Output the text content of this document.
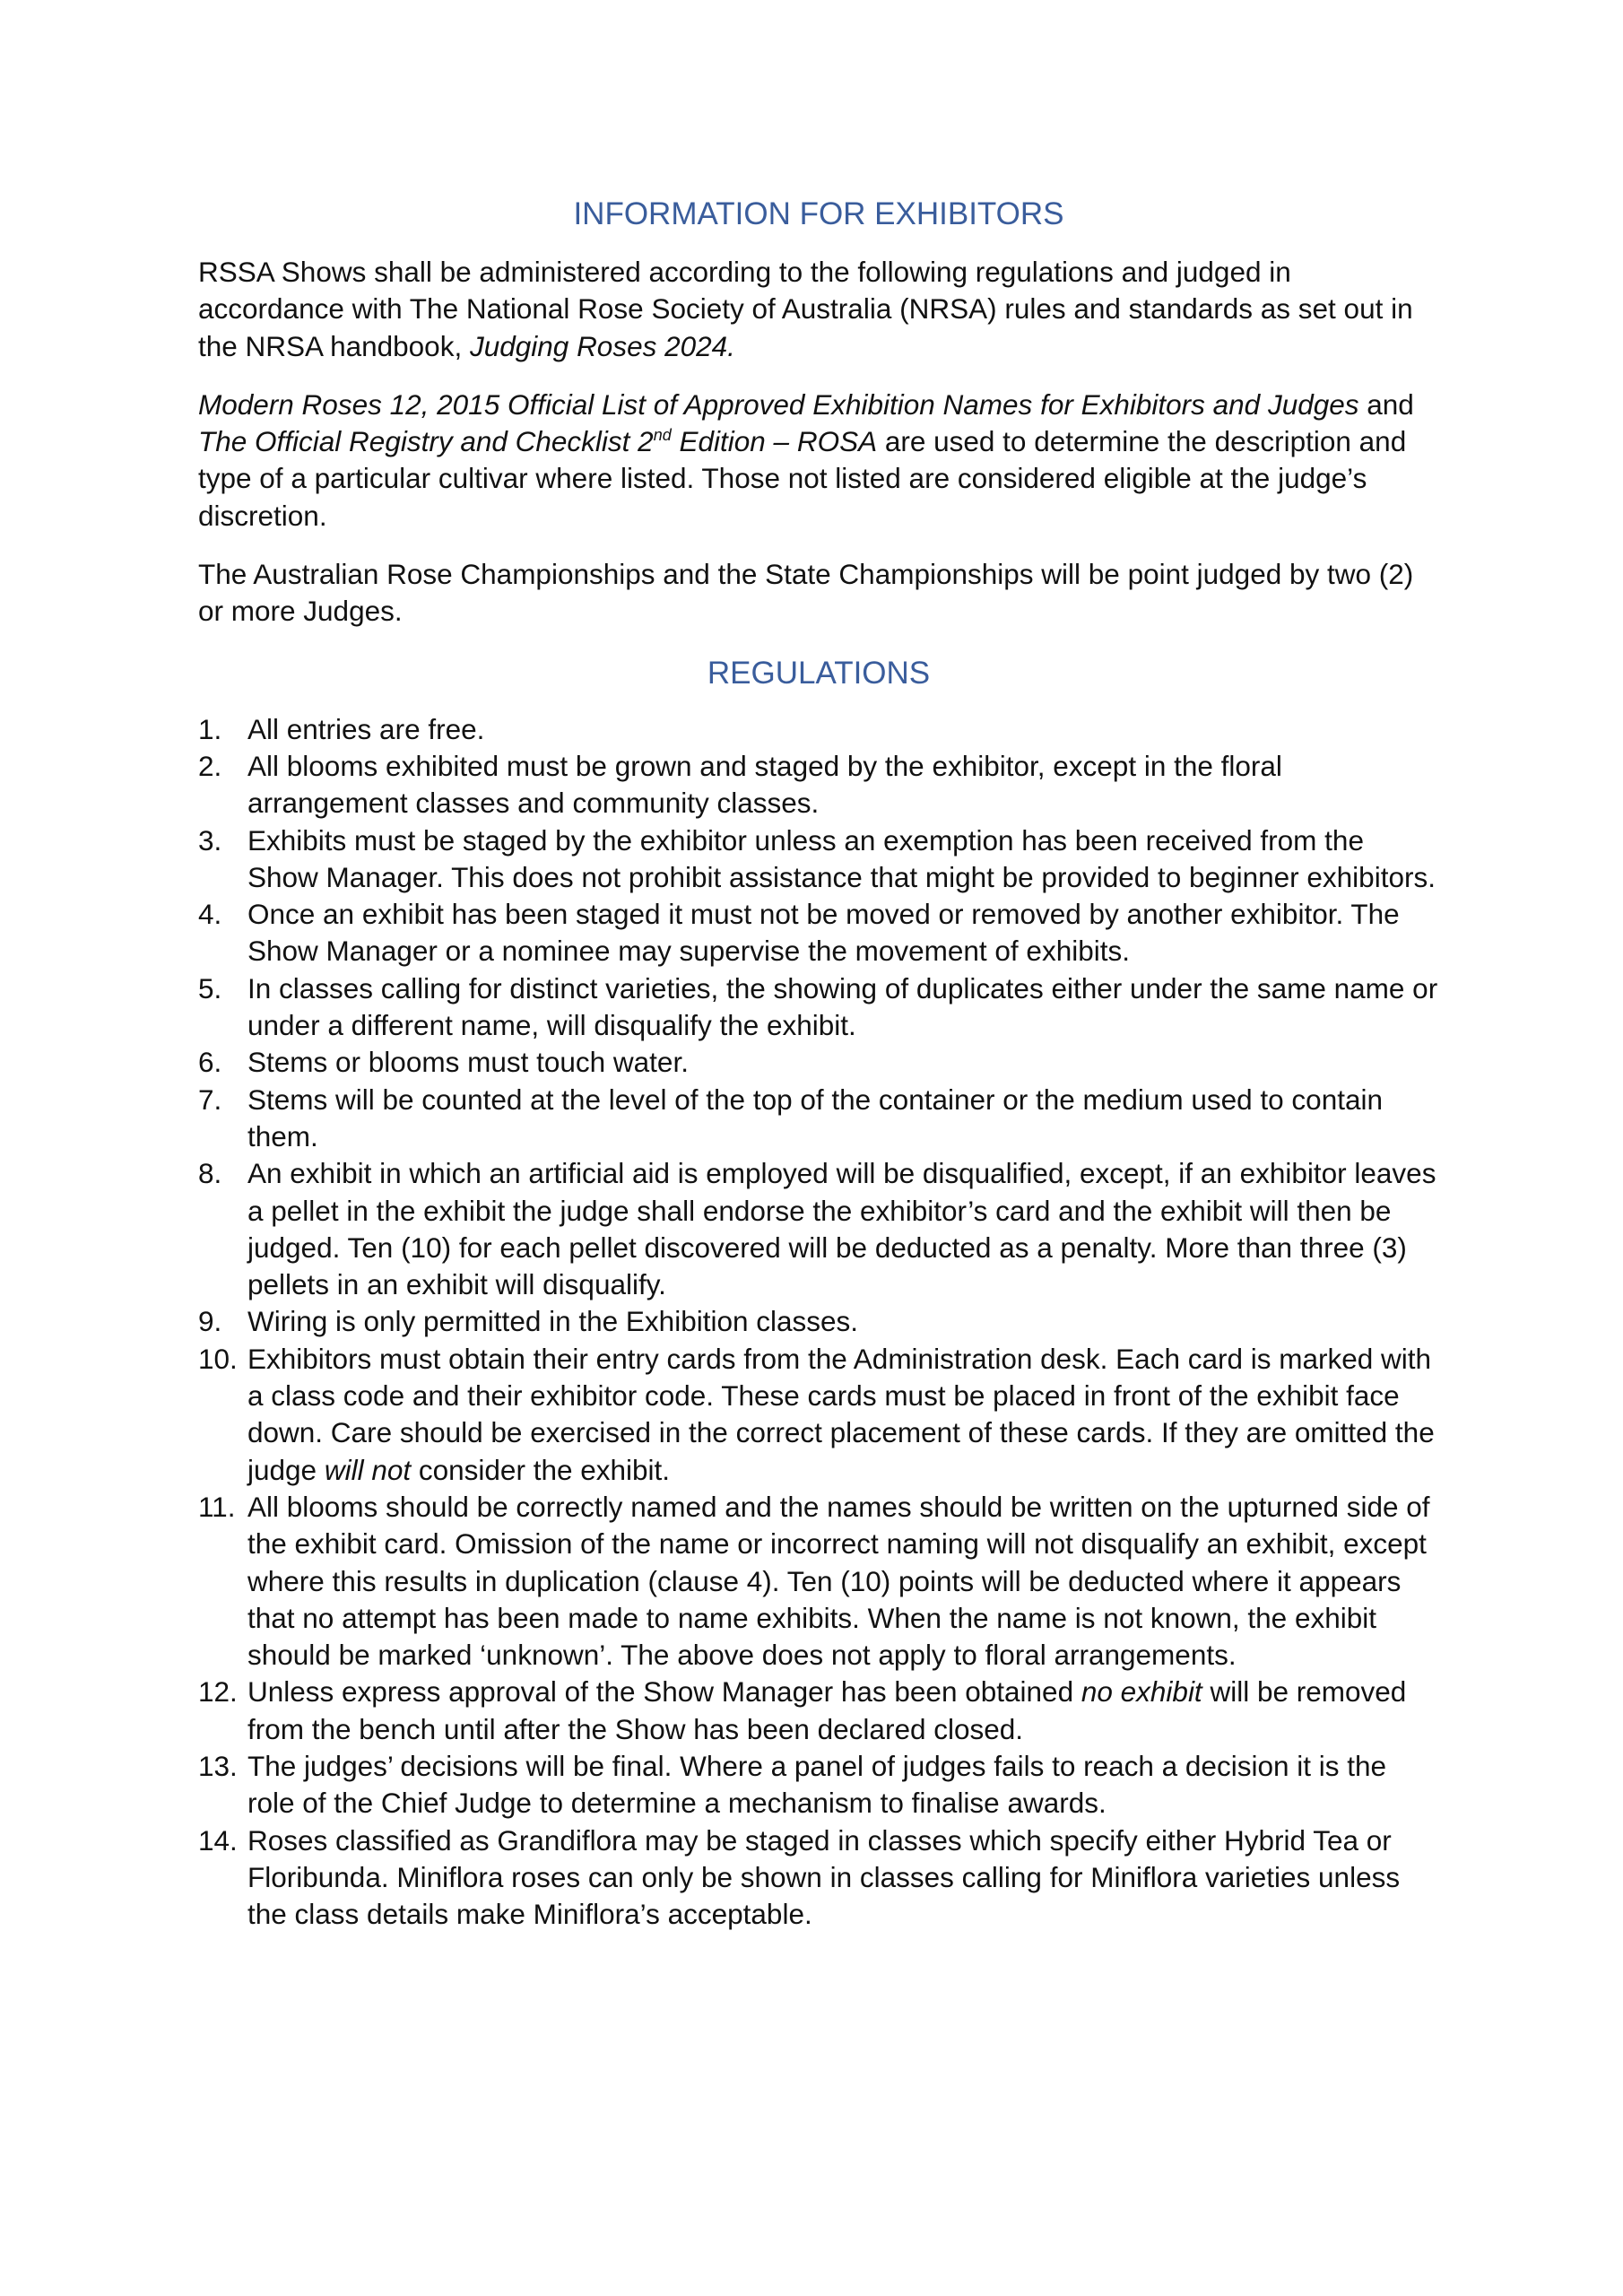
INFORMATION FOR EXHIBITORS

RSSA Shows shall be administered according to the following regulations and judged in accordance with The National Rose Society of Australia (NRSA) rules and standards as set out in the NRSA handbook, Judging Roses 2024.

Modern Roses 12, 2015 Official List of Approved Exhibition Names for Exhibitors and Judges and The Official Registry and Checklist 2nd Edition – ROSA are used to determine the description and type of a particular cultivar where listed. Those not listed are considered eligible at the judge’s discretion.

The Australian Rose Championships and the State Championships will be point judged by two (2) or more Judges.

REGULATIONS
1. All entries are free.
2. All blooms exhibited must be grown and staged by the exhibitor, except in the floral arrangement classes and community classes.
3. Exhibits must be staged by the exhibitor unless an exemption has been received from the Show Manager. This does not prohibit assistance that might be provided to beginner exhibitors.
4. Once an exhibit has been staged it must not be moved or removed by another exhibitor. The Show Manager or a nominee may supervise the movement of exhibits.
5. In classes calling for distinct varieties, the showing of duplicates either under the same name or under a different name, will disqualify the exhibit.
6. Stems or blooms must touch water.
7. Stems will be counted at the level of the top of the container or the medium used to contain them.
8. An exhibit in which an artificial aid is employed will be disqualified, except, if an exhibitor leaves a pellet in the exhibit the judge shall endorse the exhibitor’s card and the exhibit will then be judged. Ten (10) for each pellet discovered will be deducted as a penalty. More than three (3) pellets in an exhibit will disqualify.
9. Wiring is only permitted in the Exhibition classes.
10. Exhibitors must obtain their entry cards from the Administration desk. Each card is marked with a class code and their exhibitor code. These cards must be placed in front of the exhibit face down. Care should be exercised in the correct placement of these cards. If they are omitted the judge will not consider the exhibit.
11. All blooms should be correctly named and the names should be written on the upturned side of the exhibit card. Omission of the name or incorrect naming will not disqualify an exhibit, except where this results in duplication (clause 4). Ten (10) points will be deducted where it appears that no attempt has been made to name exhibits. When the name is not known, the exhibit should be marked ‘unknown’. The above does not apply to floral arrangements.
12. Unless express approval of the Show Manager has been obtained no exhibit will be removed from the bench until after the Show has been declared closed.
13. The judges’ decisions will be final. Where a panel of judges fails to reach a decision it is the role of the Chief Judge to determine a mechanism to finalise awards.
14. Roses classified as Grandiflora may be staged in classes which specify either Hybrid Tea or Floribunda. Miniflora roses can only be shown in classes calling for Miniflora varieties unless the class details make Miniflora’s acceptable.
